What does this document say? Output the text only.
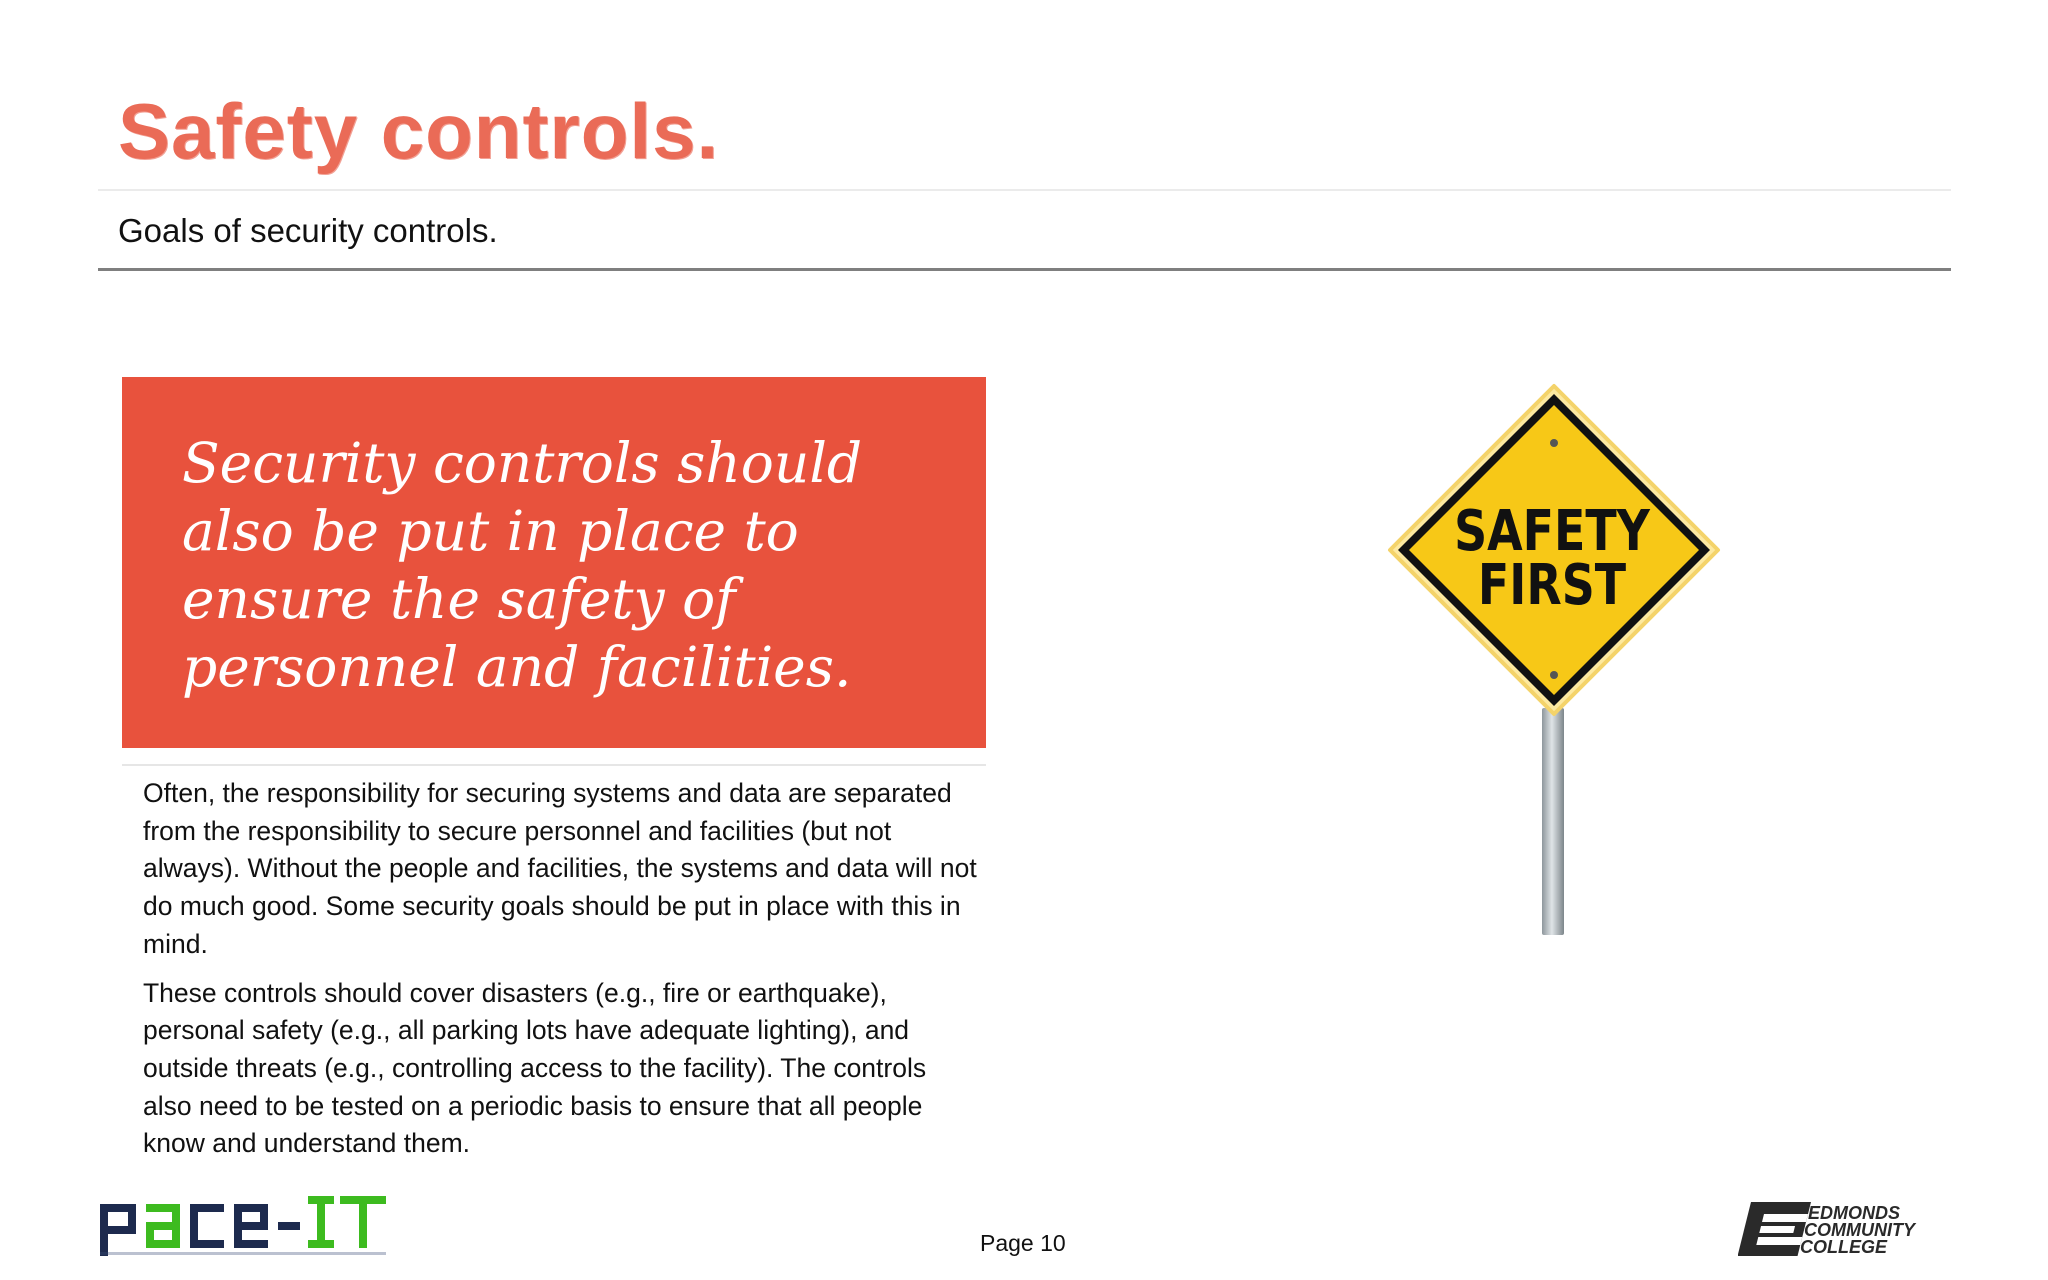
Safety controls.
Goals of security controls.

Security controls should also be put in place to ensure the safety of personnel and facilities.

Often, the responsibility for securing systems and data are separated from the responsibility to secure personnel and facilities (but not always). Without the people and facilities, the systems and data will not do much good. Some security goals should be put in place with this in mind.

These controls should cover disasters (e.g., fire or earthquake), personal safety (e.g., all parking lots have adequate lighting), and outside threats (e.g., controlling access to the facility). The controls also need to be tested on a periodic basis to ensure that all people know and understand them.

SAFETY
FIRST
Page 10
EDMONDS
COMMUNITY
COLLEGE
